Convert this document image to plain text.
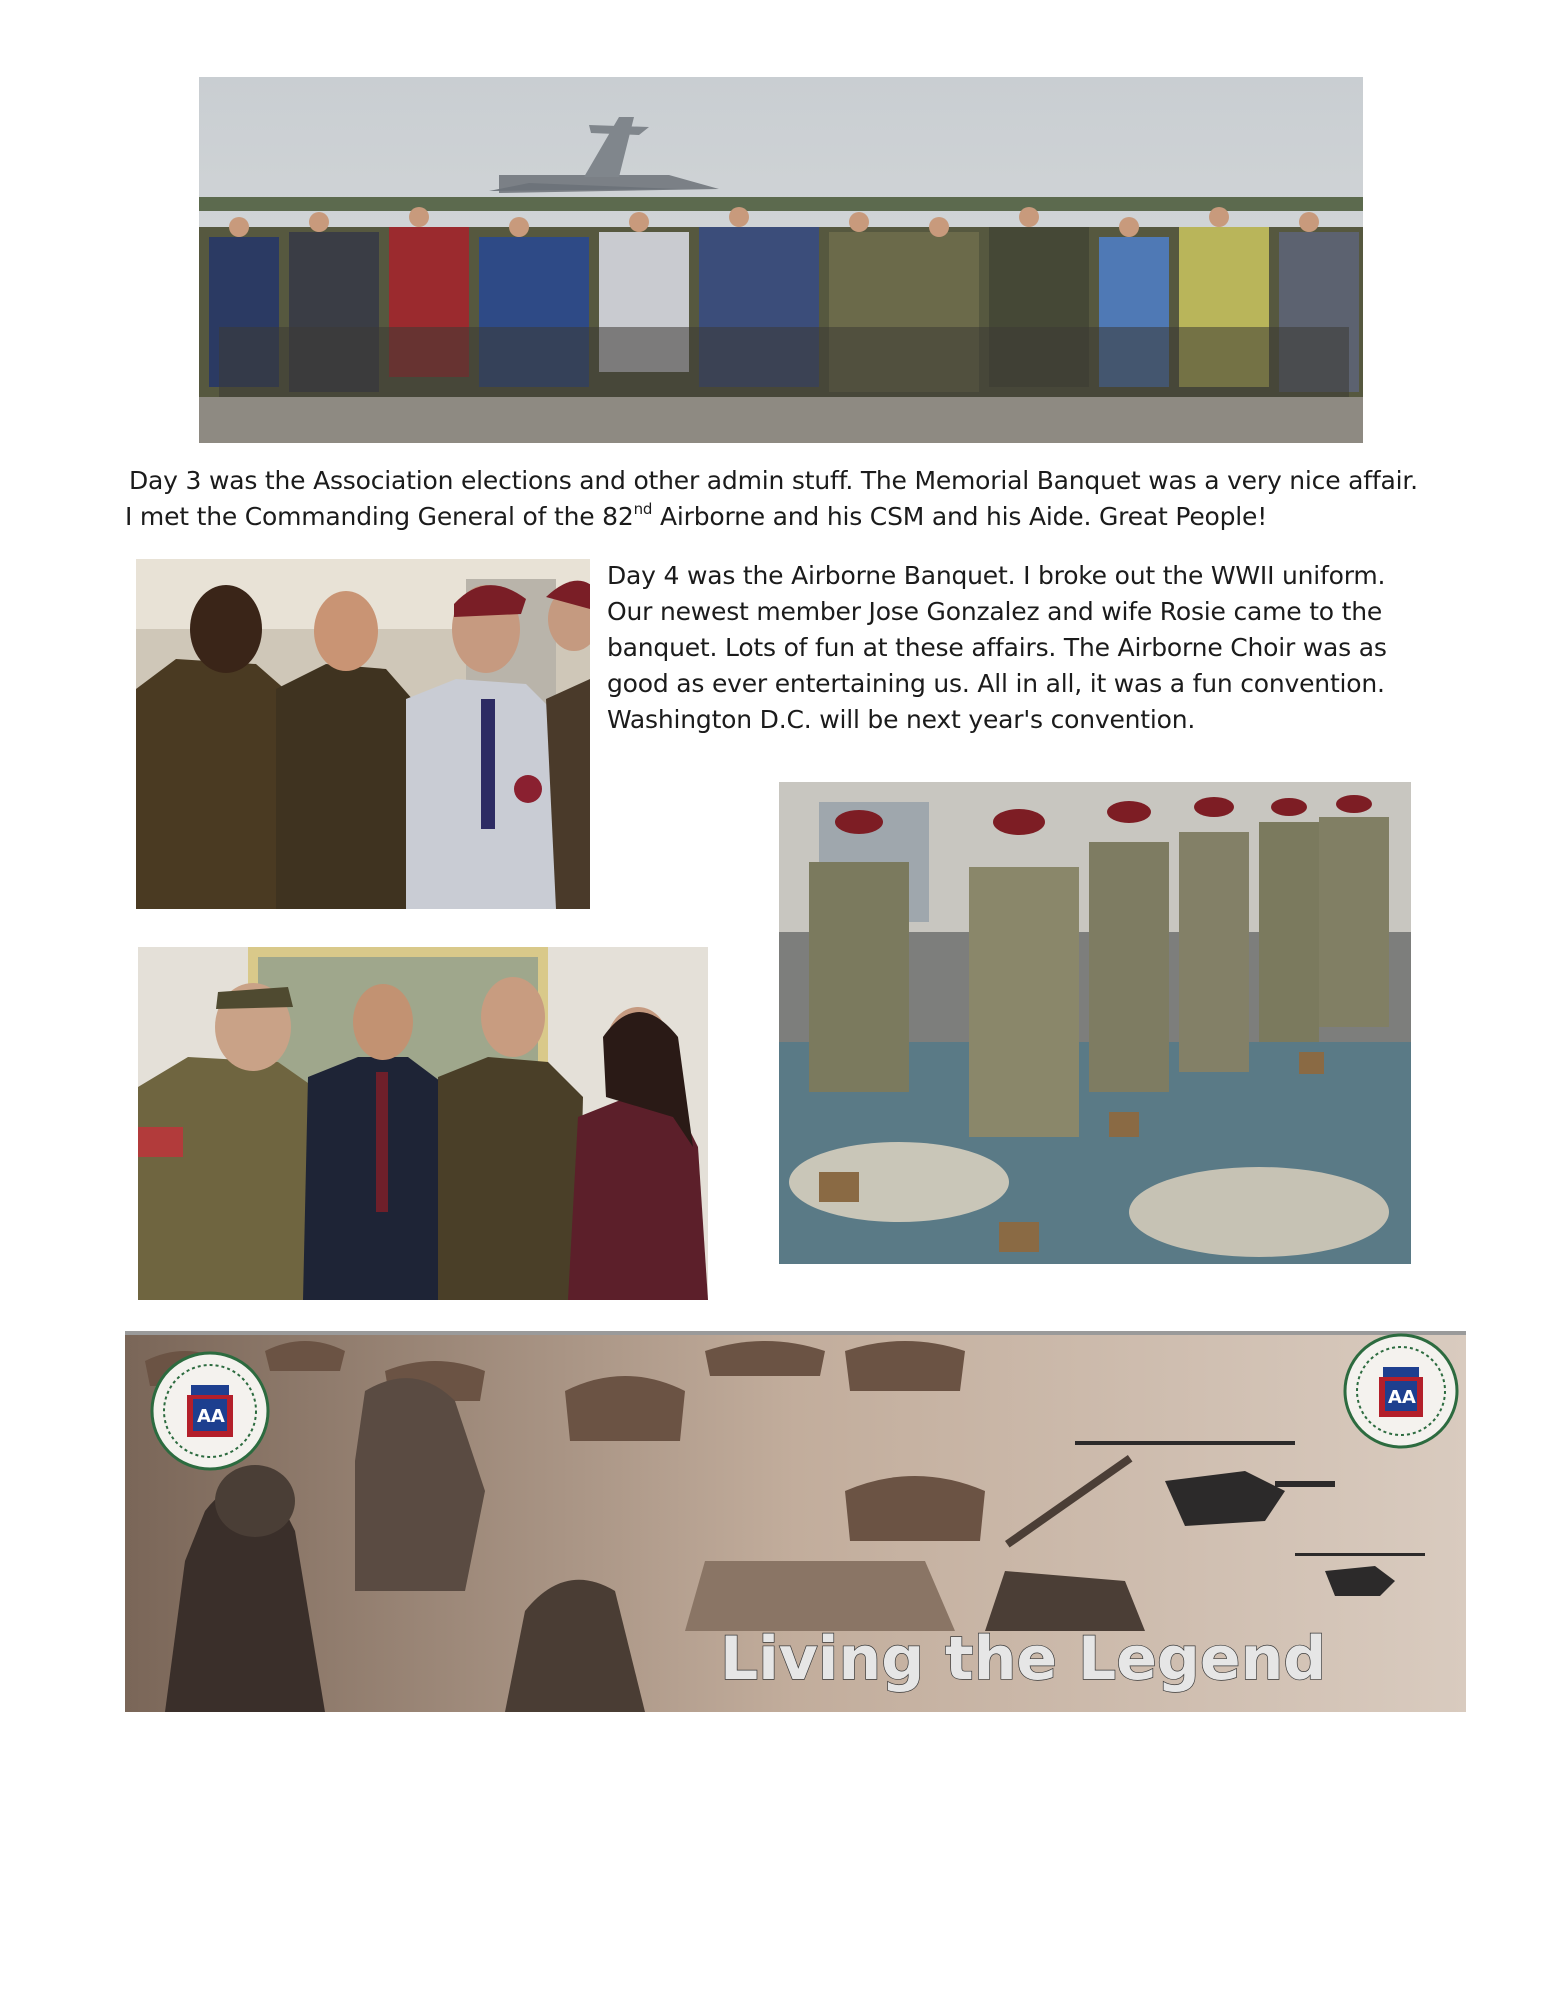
Day 3 was the Association elections and other admin stuff. The Memorial Banquet was a very nice affair.
I met the Commanding General of the 82nd Airborne and his CSM and his Aide. Great People!
Day 4 was the Airborne Banquet. I broke out the WWII uniform.
Our newest member Jose Gonzalez and wife Rosie came to the
banquet. Lots of fun at these affairs. The Airborne Choir was as
good as ever entertaining us. All in all, it was a fun convention.
Washington D.C. will be next year's convention.
AA
AA
Living the Legend
